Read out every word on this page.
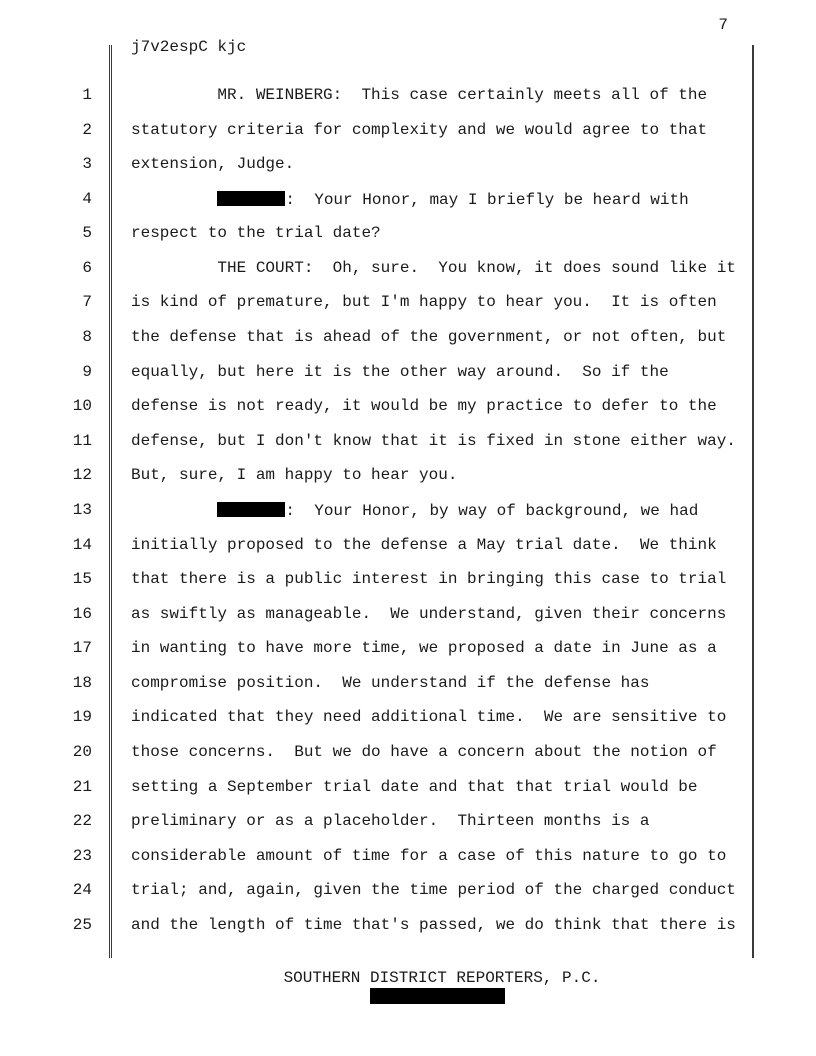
7
j7v2espC kjc
1	MR. WEINBERG:  This case certainly meets all of the
2 statutory criteria for complexity and we would agree to that
3 extension, Judge.
4	:  Your Honor, may I briefly be heard with
5 respect to the trial date?
6	THE COURT:  Oh, sure.  You know, it does sound like it
7 is kind of premature, but I'm happy to hear you.  It is often
8 the defense that is ahead of the government, or not often, but
9 equally, but here it is the other way around.  So if the
10 defense is not ready, it would be my practice to defer to the
11 defense, but I don't know that it is fixed in stone either way.
12 But, sure, I am happy to hear you.
13	:  Your Honor, by way of background, we had
14 initially proposed to the defense a May trial date.  We think
15 that there is a public interest in bringing this case to trial
16 as swiftly as manageable.  We understand, given their concerns
17 in wanting to have more time, we proposed a date in June as a
18 compromise position.  We understand if the defense has
19 indicated that they need additional time.  We are sensitive to
20 those concerns.  But we do have a concern about the notion of
21 setting a September trial date and that that trial would be
22 preliminary or as a placeholder.  Thirteen months is a
23 considerable amount of time for a case of this nature to go to
24 trial; and, again, given the time period of the charged conduct
25 and the length of time that's passed, we do think that there is
SOUTHERN DISTRICT REPORTERS, P.C.
